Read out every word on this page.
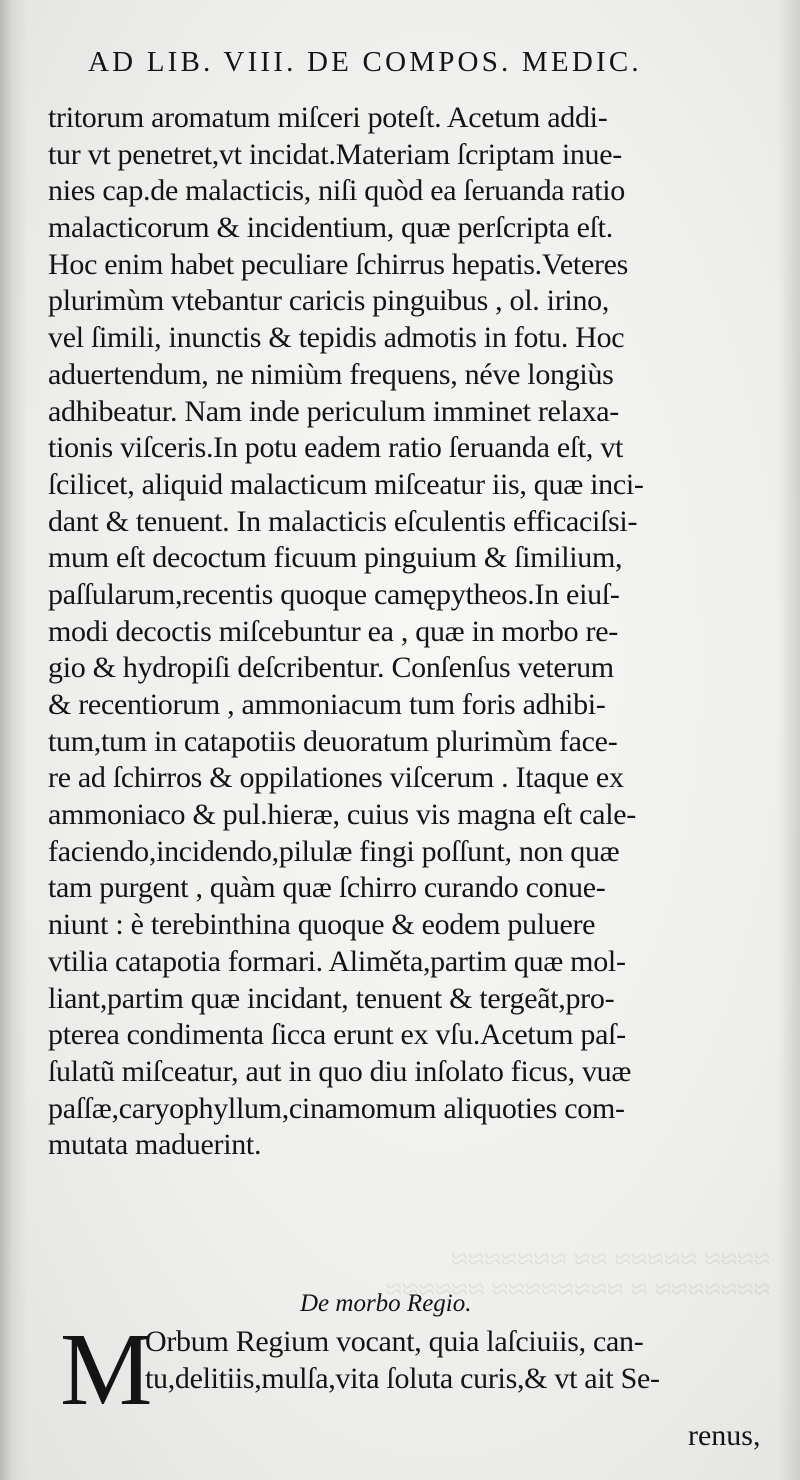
≈≈≈≈ ≈≈≈≈≈ ≈≈ ≈≈≈≈≈≈≈
≈≈≈≈≈≈≈ ≈ ≈≈≈≈≈≈≈≈ ≈≈≈≈≈≈
AD LIB. VIII. DE COMPOS. MEDIC.
tritorum aromatum miſceri poteſt. Acetum addi-
tur vt penetret,vt incidat.Materiam ſcriptam inue-
nies cap.de malacticis, niſi quòd ea ſeruanda ratio
malacticorum & incidentium, quæ perſcripta eſt.
Hoc enim habet peculiare ſchirrus hepatis.Veteres
plurimùm vtebantur caricis pinguibus , ol. irino,
vel ſimili, inunctis & tepidis admotis in fotu. Hoc
aduertendum, ne nimiùm frequens, néve longiùs
adhibeatur. Nam inde periculum imminet relaxa-
tionis viſceris.In potu eadem ratio ſeruanda eſt, vt
ſcilicet, aliquid malacticum miſceatur iis, quæ inci-
dant & tenuent. In malacticis eſculentis efficaciſsi-
mum eſt decoctum ficuum pinguium & ſimilium,
paſſularum,recentis quoque camępytheos.In eiuſ-
modi decoctis miſcebuntur ea , quæ in morbo re-
gio & hydropiſi deſcribentur. Conſenſus veterum
& recentiorum , ammoniacum tum foris adhibi-
tum,tum in catapotiis deuoratum plurimùm face-
re ad ſchirros & oppilationes viſcerum . Itaque ex
ammoniaco & pul.hieræ, cuius vis magna eſt cale-
faciendo,incidendo,pilulæ fingi poſſunt, non quæ
tam purgent , quàm quæ ſchirro curando conue-
niunt : è terebinthina quoque & eodem puluere
vtilia catapotia formari. Aliměta,partim quæ mol-
liant,partim quæ incidant, tenuent & tergeãt,pro-
pterea condimenta ſicca erunt ex vſu.Acetum paſ-
ſulatũ miſceatur, aut in quo diu inſolato ficus, vuæ
paſſæ,caryophyllum,cinamomum aliquoties com-
mutata maduerint.
De morbo Regio.
M
Orbum Regium vocant, quia laſciuiis, can-
tu,delitiis,mulſa,vita ſoluta curis,& vt ait Se-
renus,
